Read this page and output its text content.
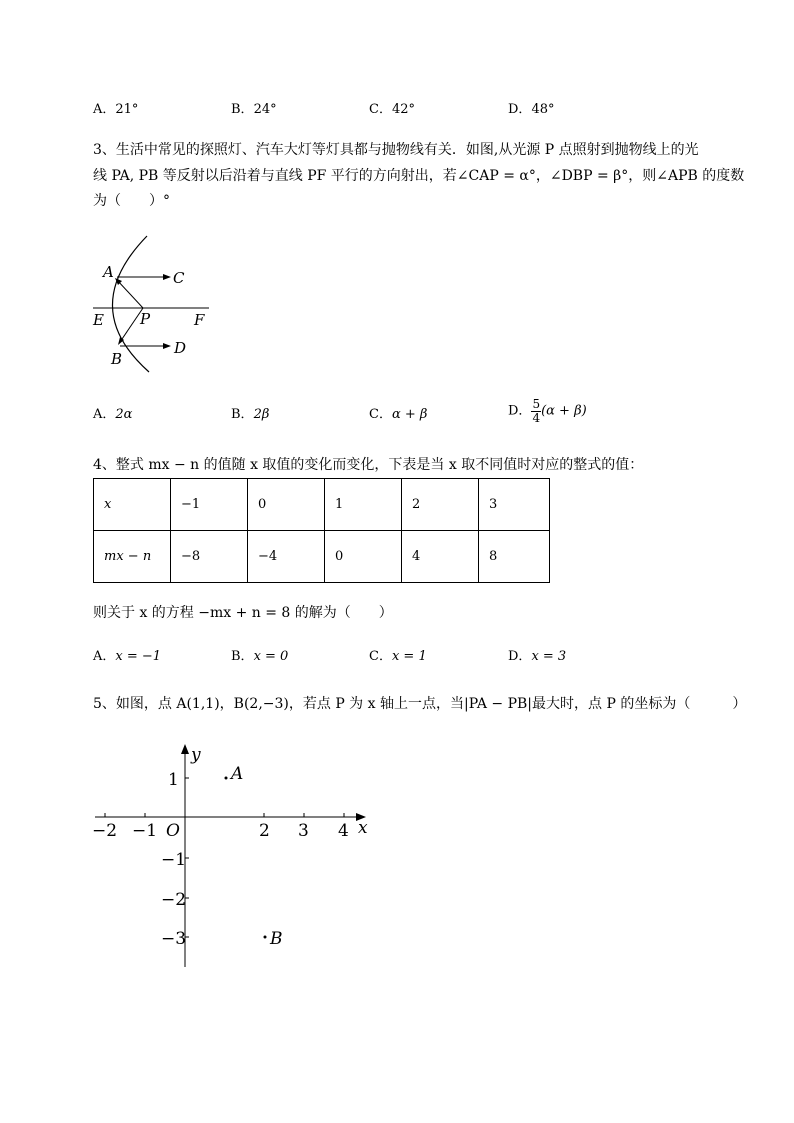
A．21°	B．24°	C．42°	D．48°
3、生活中常见的探照灯、汽车大灯等灯具都与抛物线有关．如图,从光源 P 点照射到抛物线上的光
线 PA, PB 等反射以后沿着与直线 PF 平行的方向射出，若∠CAP = α°，∠DBP = β°，则∠APB 的度数
为（　　）°
A	C
E P	F
B
D
A．2α	B．2β	C．α + β	D． $\frac{5}{4} (\alpha + \beta)$
4、整式 mx − n 的值随 x 取值的变化而变化，下表是当 x 取不同值时对应的整式的值：
x	−1	0	1	2	3
mx − n	−8	−4	0	4	8
则关于 x 的方程 −mx + n = 8 的解为（　　）
A．x = −1	B．x = 0	C．x = 1	D．x = 3
5、如图，点 A(1,1)，B(2,−3)，若点 P 为 x 轴上一点，当|PA − PB|最大时，点 P 的坐标为（　　　）
x
y
O
−2 −1	2 3 4
1
−1
−2
−3
A
B
